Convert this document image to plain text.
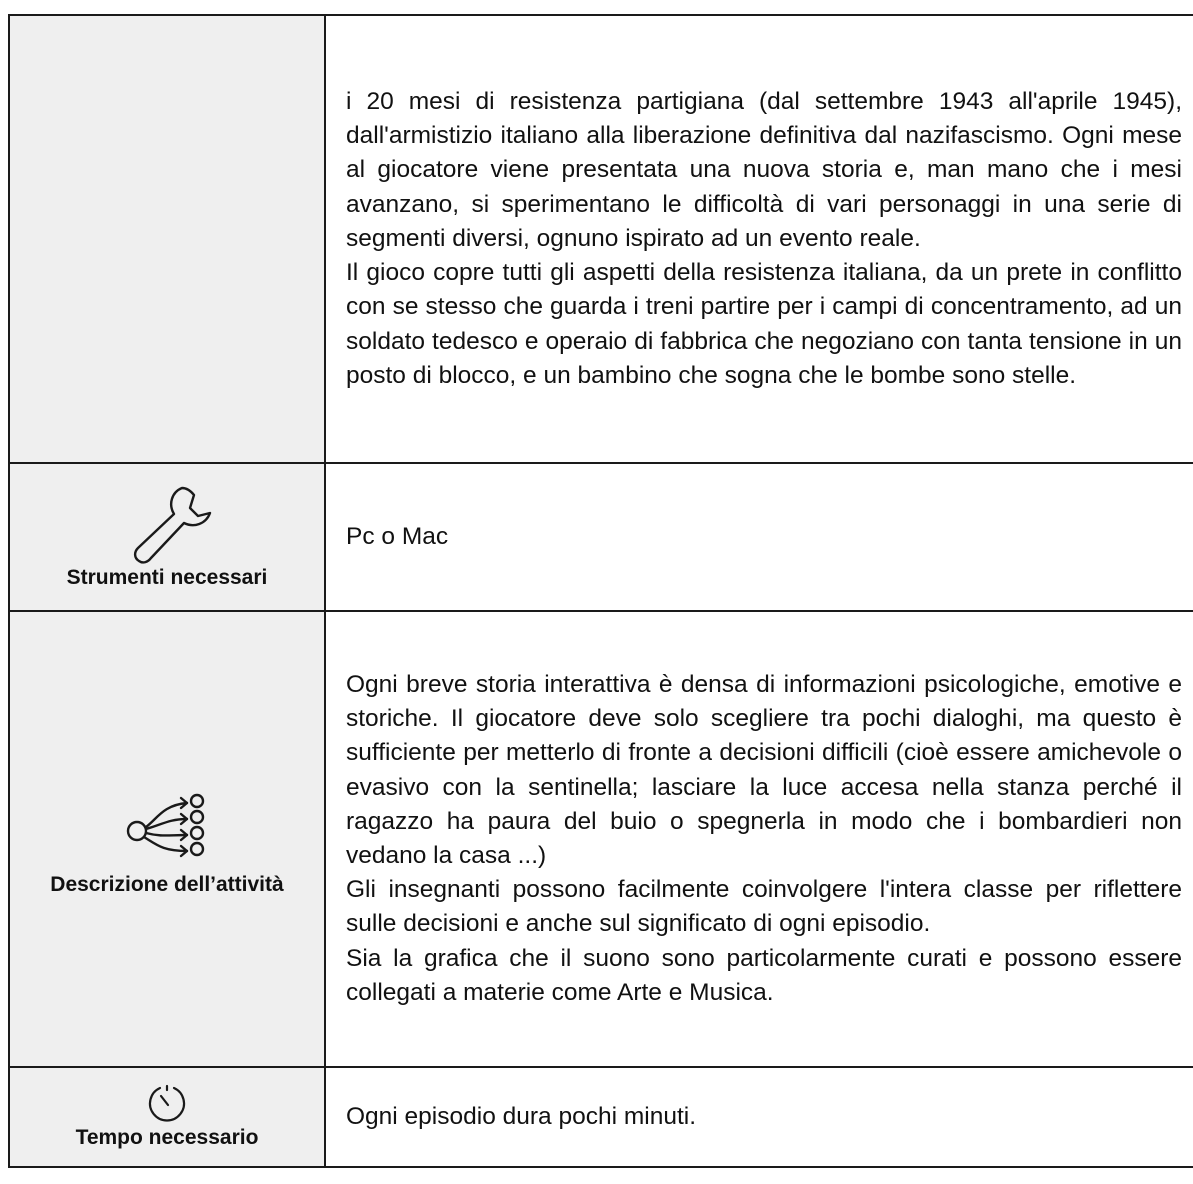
	i 20 mesi di resistenza partigiana (dal settembre 1943 all'aprile 1945), dall'armistizio italiano alla liberazione definitiva dal nazifascismo. Ogni mese al giocatore viene presentata una nuova storia e, man mano che i mesi avanzano, si sperimentano le difficoltà di vari personaggi in una serie di segmenti diversi, ognuno ispirato ad un evento reale.

Il gioco copre tutti gli aspetti della resistenza italiana, da un prete in conflitto con se stesso che guarda i treni partire per i campi di concentramento, ad un soldato tedesco e operaio di fabbrica che negoziano con tanta tensione in un posto di blocco, e un bambino che sogna che le bombe sono stelle.

Strumenti necessari	Pc o Mac

Descrizione dell’attività	Ogni breve storia interattiva è densa di informazioni psicologiche, emotive e storiche. Il giocatore deve solo scegliere tra pochi dialoghi, ma questo è sufficiente per metterlo di fronte a decisioni difficili (cioè essere amichevole o evasivo con la sentinella; lasciare la luce accesa nella stanza perché il ragazzo ha paura del buio o spegnerla in modo che i bombardieri non vedano la casa ...)

Gli insegnanti possono facilmente coinvolgere l'intera classe per riflettere sulle decisioni e anche sul significato di ogni episodio.

Sia la grafica che il suono sono particolarmente curati e possono essere collegati a materie come Arte e Musica.

Tempo necessario	Ogni episodio dura pochi minuti.
